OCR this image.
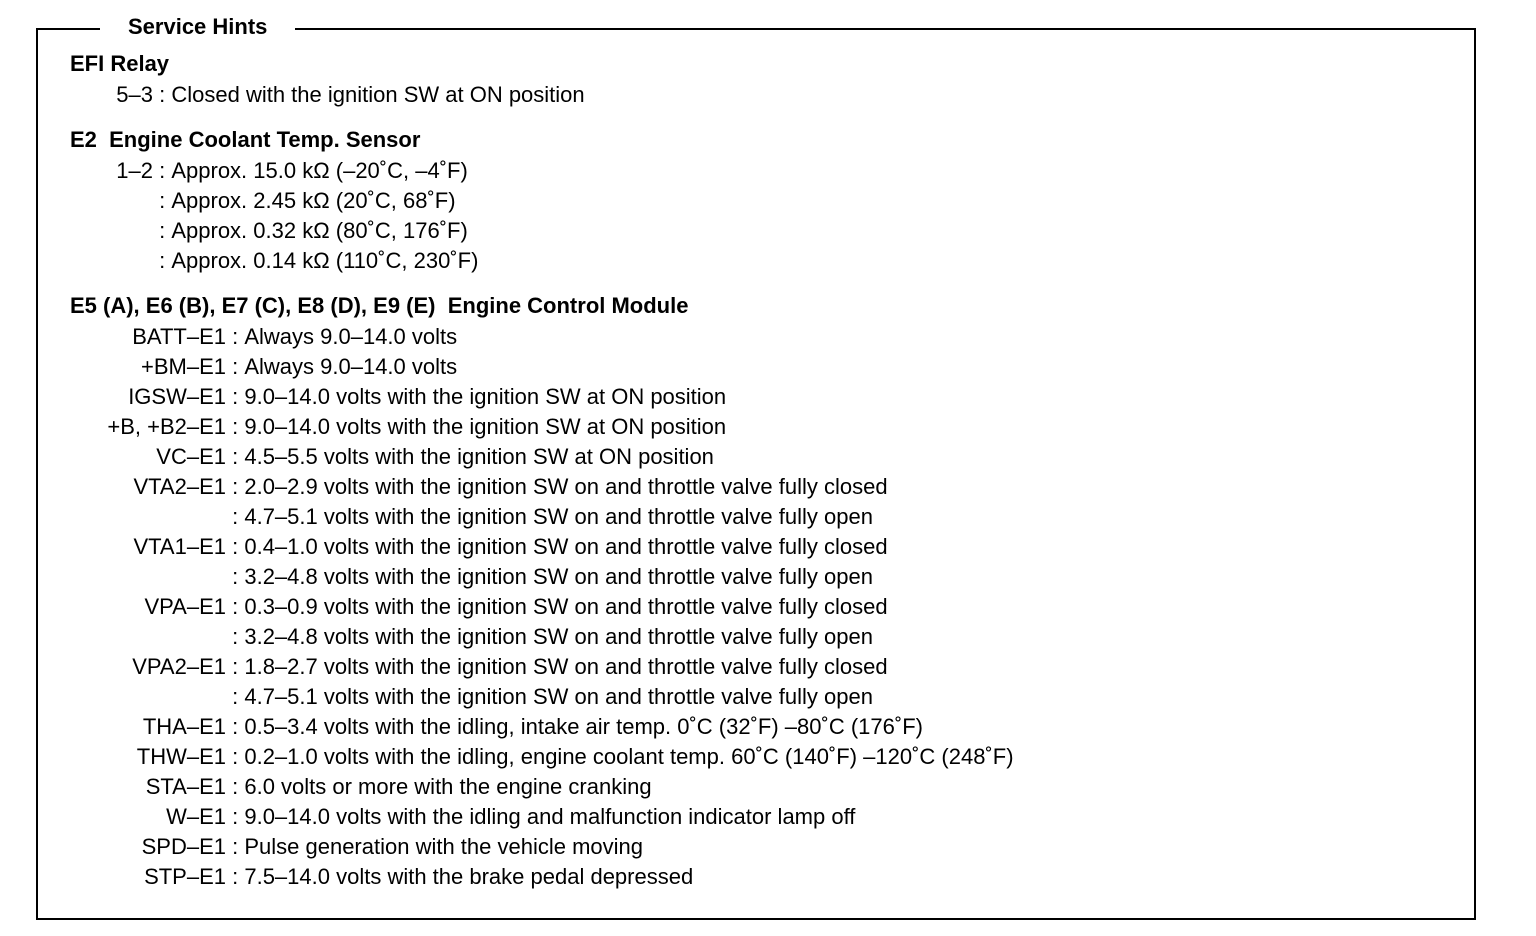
Service Hints
EFI Relay
5–3 : Closed with the ignition SW at ON position
E2  Engine Coolant Temp. Sensor
1–2 : Approx. 15.0 kΩ (–20˚C, –4˚F)
: Approx. 2.45 kΩ (20˚C, 68˚F)
: Approx. 0.32 kΩ (80˚C, 176˚F)
: Approx. 0.14 kΩ (110˚C, 230˚F)
E5 (A), E6 (B), E7 (C), E8 (D), E9 (E)  Engine Control Module
BATT–E1 : Always 9.0–14.0 volts
+BM–E1 : Always 9.0–14.0 volts
IGSW–E1 : 9.0–14.0 volts with the ignition SW at ON position
+B, +B2–E1 : 9.0–14.0 volts with the ignition SW at ON position
VC–E1 : 4.5–5.5 volts with the ignition SW at ON position
VTA2–E1 : 2.0–2.9 volts with the ignition SW on and throttle valve fully closed
: 4.7–5.1 volts with the ignition SW on and throttle valve fully open
VTA1–E1 : 0.4–1.0 volts with the ignition SW on and throttle valve fully closed
: 3.2–4.8 volts with the ignition SW on and throttle valve fully open
VPA–E1 : 0.3–0.9 volts with the ignition SW on and throttle valve fully closed
: 3.2–4.8 volts with the ignition SW on and throttle valve fully open
VPA2–E1 : 1.8–2.7 volts with the ignition SW on and throttle valve fully closed
: 4.7–5.1 volts with the ignition SW on and throttle valve fully open
THA–E1 : 0.5–3.4 volts with the idling, intake air temp. 0˚C (32˚F) –80˚C (176˚F)
THW–E1 : 0.2–1.0 volts with the idling, engine coolant temp. 60˚C (140˚F) –120˚C (248˚F)
STA–E1 : 6.0 volts or more with the engine cranking
W–E1 : 9.0–14.0 volts with the idling and malfunction indicator lamp off
SPD–E1 : Pulse generation with the vehicle moving
STP–E1 : 7.5–14.0 volts with the brake pedal depressed
